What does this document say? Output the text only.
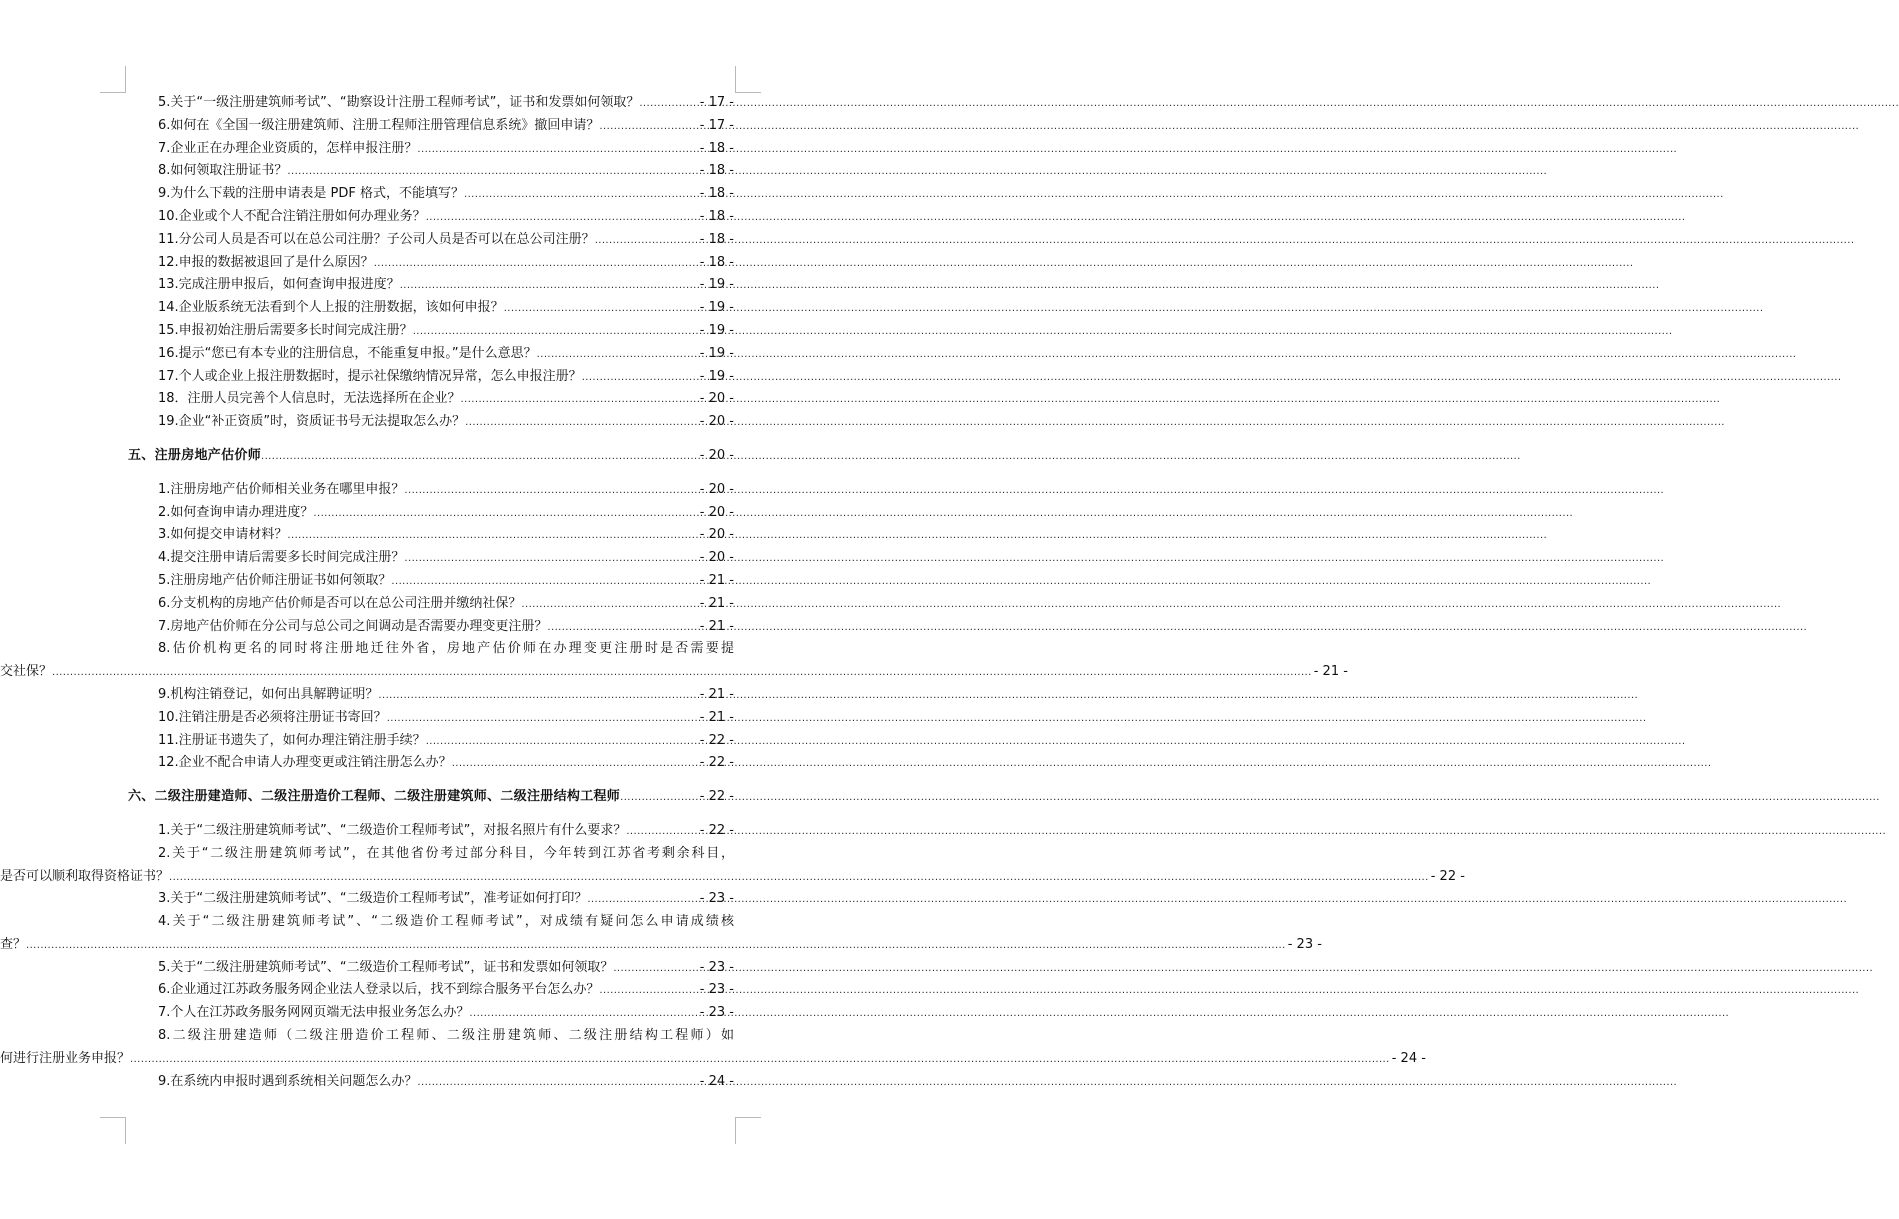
5.关于“一级注册建筑师考试”、“勘察设计注册工程师考试”，证书和发票如何领取？ .....	- 17 -
6.如何在《全国一级注册建筑师、注册工程师注册管理信息系统》撤回申请？ .....	- 17 -
7.企业正在办理企业资质的，怎样申报注册？ .....	- 18 -
8.如何领取注册证书？ .....	- 18 -
9.为什么下载的注册申请表是 PDF 格式，不能填写？ .....	- 18 -
10.企业或个人不配合注销注册如何办理业务？ .....	- 18 -
11.分公司人员是否可以在总公司注册？子公司人员是否可以在总公司注册？ .....	- 18 -
12.申报的数据被退回了是什么原因？ .....	- 18 -
13.完成注册申报后，如何查询申报进度？ .....	- 19 -
14.企业版系统无法看到个人上报的注册数据，该如何申报？ .....	- 19 -
15.申报初始注册后需要多长时间完成注册？ .....	- 19 -
16.提示“您已有本专业的注册信息，不能重复申报。”是什么意思？ .....	- 19 -
17.个人或企业上报注册数据时，提示社保缴纳情况异常，怎么申报注册？ .....	- 19 -
18．注册人员完善个人信息时，无法选择所在企业？ .....	- 20 -
19.企业“补正资质”时，资质证书号无法提取怎么办？ .....	- 20 -
五、注册房地产估价师 .....	- 20 -
1.注册房地产估价师相关业务在哪里申报？ .....	- 20 -
2.如何查询申请办理进度？ .....	- 20 -
3.如何提交申请材料？ .....	- 20 -
4.提交注册申请后需要多长时间完成注册？ .....	- 20 -
5.注册房地产估价师注册证书如何领取？ .....	- 21 -
6.分支机构的房地产估价师是否可以在总公司注册并缴纳社保？ .....	- 21 -
7.房地产估价师在分公司与总公司之间调动是否需要办理变更注册？ .....	- 21 -
8.估价机构更名的同时将注册地迁往外省，房地产估价师在办理变更注册时是否需要提
交社保？ .....	- 21 -
9.机构注销登记，如何出具解聘证明？ .....	- 21 -
10.注销注册是否必须将注册证书寄回？ .....	- 21 -
11.注册证书遗失了，如何办理注销注册手续？ .....	- 22 -
12.企业不配合申请人办理变更或注销注册怎么办？ .....	- 22 -
六、二级注册建造师、二级注册造价工程师、二级注册建筑师、二级注册结构工程师 .....	- 22 -
1.关于“二级注册建筑师考试”、“二级造价工程师考试”，对报名照片有什么要求？ .....	- 22 -
2.关于“二级注册建筑师考试”，在其他省份考过部分科目，今年转到江苏省考剩余科目，
是否可以顺利取得资格证书？ .....	- 22 -
3.关于“二级注册建筑师考试”、“二级造价工程师考试”，准考证如何打印？ .....	- 23 -
4.关于“二级注册建筑师考试”、“二级造价工程师考试”，对成绩有疑问怎么申请成绩核
查？ .....	- 23 -
5.关于“二级注册建筑师考试”、“二级造价工程师考试”，证书和发票如何领取？ .....	- 23 -
6.企业通过江苏政务服务网企业法人登录以后，找不到综合服务平台怎么办？ .....	- 23 -
7.个人在江苏政务服务网网页端无法申报业务怎么办？ .....	- 23 -
8.二级注册建造师（二级注册造价工程师、二级注册建筑师、二级注册结构工程师）如
何进行注册业务申报？ .....	- 24 -
9.在系统内申报时遇到系统相关问题怎么办？ .....	- 24 -
